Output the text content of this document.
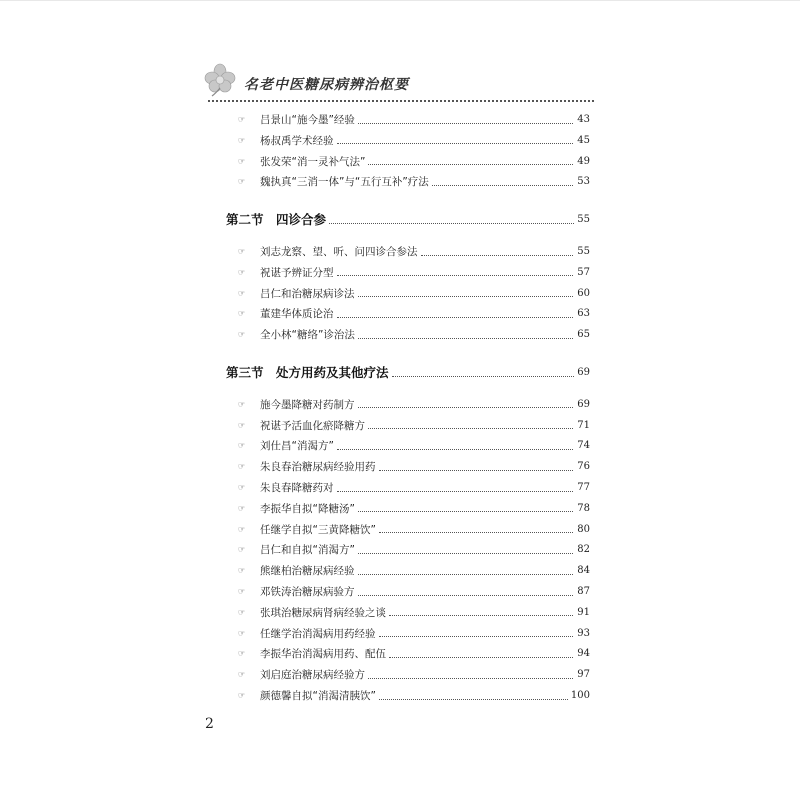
名老中医糖尿病辨治枢要
☞	吕景山“施今墨”经验	43
☞	杨叔禹学术经验	45
☞	张发荣“消一灵补气法”	49
☞	魏执真“三消一体”与“五行互补”疗法	53
第二节　四诊合参	55
☞	刘志龙察、望、听、问四诊合参法	55
☞	祝谌予辨证分型	57
☞	吕仁和治糖尿病诊法	60
☞	董建华体质论治	63
☞	全小林“糖络”诊治法	65
第三节　处方用药及其他疗法	69
☞	施今墨降糖对药制方	69
☞	祝谌予活血化瘀降糖方	71
☞	刘仕昌“消渴方”	74
☞	朱良春治糖尿病经验用药	76
☞	朱良春降糖药对	77
☞	李振华自拟“降糖汤”	78
☞	任继学自拟“三黄降糖饮”	80
☞	吕仁和自拟“消渴方”	82
☞	熊继柏治糖尿病经验	84
☞	邓铁涛治糖尿病验方	87
☞	张琪治糖尿病肾病经验之谈	91
☞	任继学治消渴病用药经验	93
☞	李振华治消渴病用药、配伍	94
☞	刘启庭治糖尿病经验方	97
☞	颜德馨自拟“消渴清胰饮”	100
2
